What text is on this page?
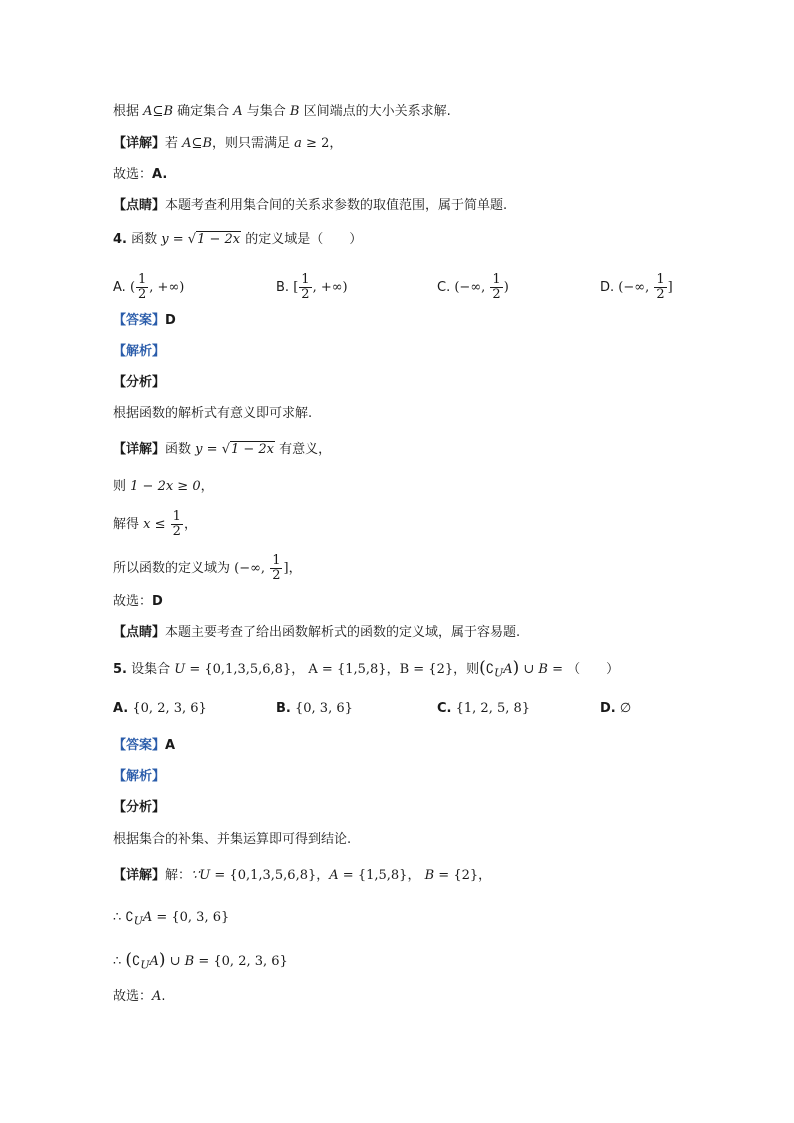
根据 A⊆B 确定集合 A 与集合 B 区间端点的大小关系求解.
【详解】若 A⊆B，则只需满足 a ≥ 2，
故选：A.
【点睛】本题考查利用集合间的关系求参数的取值范围，属于简单题.
4. 函数 y = √1 − 2x 的定义域是（　　）
A. ( $\frac{1}{2}$ , +∞)	B. [ $\frac{1}{2}$ , +∞)	C. (−∞, $\frac{1}{2}$ )	D. (−∞, $\frac{1}{2}$ ]
【答案】D
【解析】
【分析】
根据函数的解析式有意义即可求解.
【详解】函数 y = √1 − 2x 有意义，
则 1 − 2x ≥ 0，
解得 $x \le \frac{1}{2}$ ，
所以函数的定义域为 (−∞, $\frac{1}{2}$ ]，
故选：D
【点睛】本题主要考查了给出函数解析式的函数的定义域，属于容易题.
5. 设集合 U = {0,1,3,5,6,8}， A = {1,5,8}，B = {2}，则$(∁_UA)$ ∪ B = （　　）
A. {0, 2, 3, 6}	B. {0, 3, 6}	C. {1, 2, 5, 8}	D. ∅
【答案】A
【解析】
【分析】
根据集合的补集、并集运算即可得到结论.
【详解】解：∵U = {0,1,3,5,6,8}，A = {1,5,8}， B = {2}，
∴ $∁_UA = \{0$, 3, 6}
∴ $(∁_UA)$ ∪ B = {0, 2, 3, 6}
故选：A.
